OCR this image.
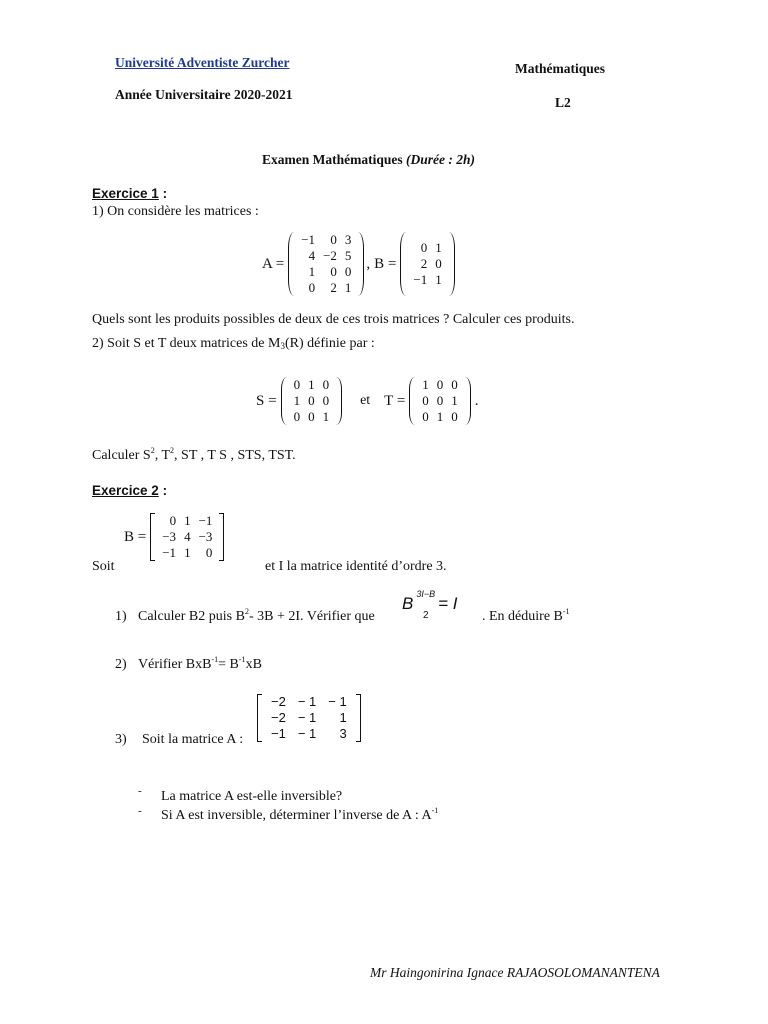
Université Adventiste Zurcher
Année Universitaire 2020-2021
Mathématiques
L2
Examen Mathématiques (Durée : 2h)
Exercice 1 :
1) On considère les matrices :
A =
−1	0	3
4	−2	5
1	0	0
0	2	1
, B =
0	1
2	0
−1	1
Quels sont les produits possibles de deux de ces trois matrices ? Calculer ces produits.
2) Soit S et T deux matrices de $M_3(R)$ définie par :
S =
0	1	0
1	0	0
0	0	1
et T =
1	0	0
0	0	1
0	1	0
.
Calculer $S^2$, $T^2$, ST , T S , STS, TST.
Exercice 2 :
B =
0	1	−1
−3	4	−3
−1	1	0
Soit	et I la matrice identité d’ordre 3.
1) Calculer B2 puis $B^2-$ 3B + 2I. Vérifier que
B 3I−B
2
= I
. En déduire $B^{-1}$
2) Vérifier $BxB^{-1}= B^{-1}xB$
3) Soit la matrice A :
−2	− 1	− 1
−2	− 1	1
−1	− 1	3
- La matrice A est-elle inversible?
- Si A est inversible, déterminer l’inverse de A : $A^{-1}$
Mr Haingonirina Ignace RAJAOSOLOMANANTENA
